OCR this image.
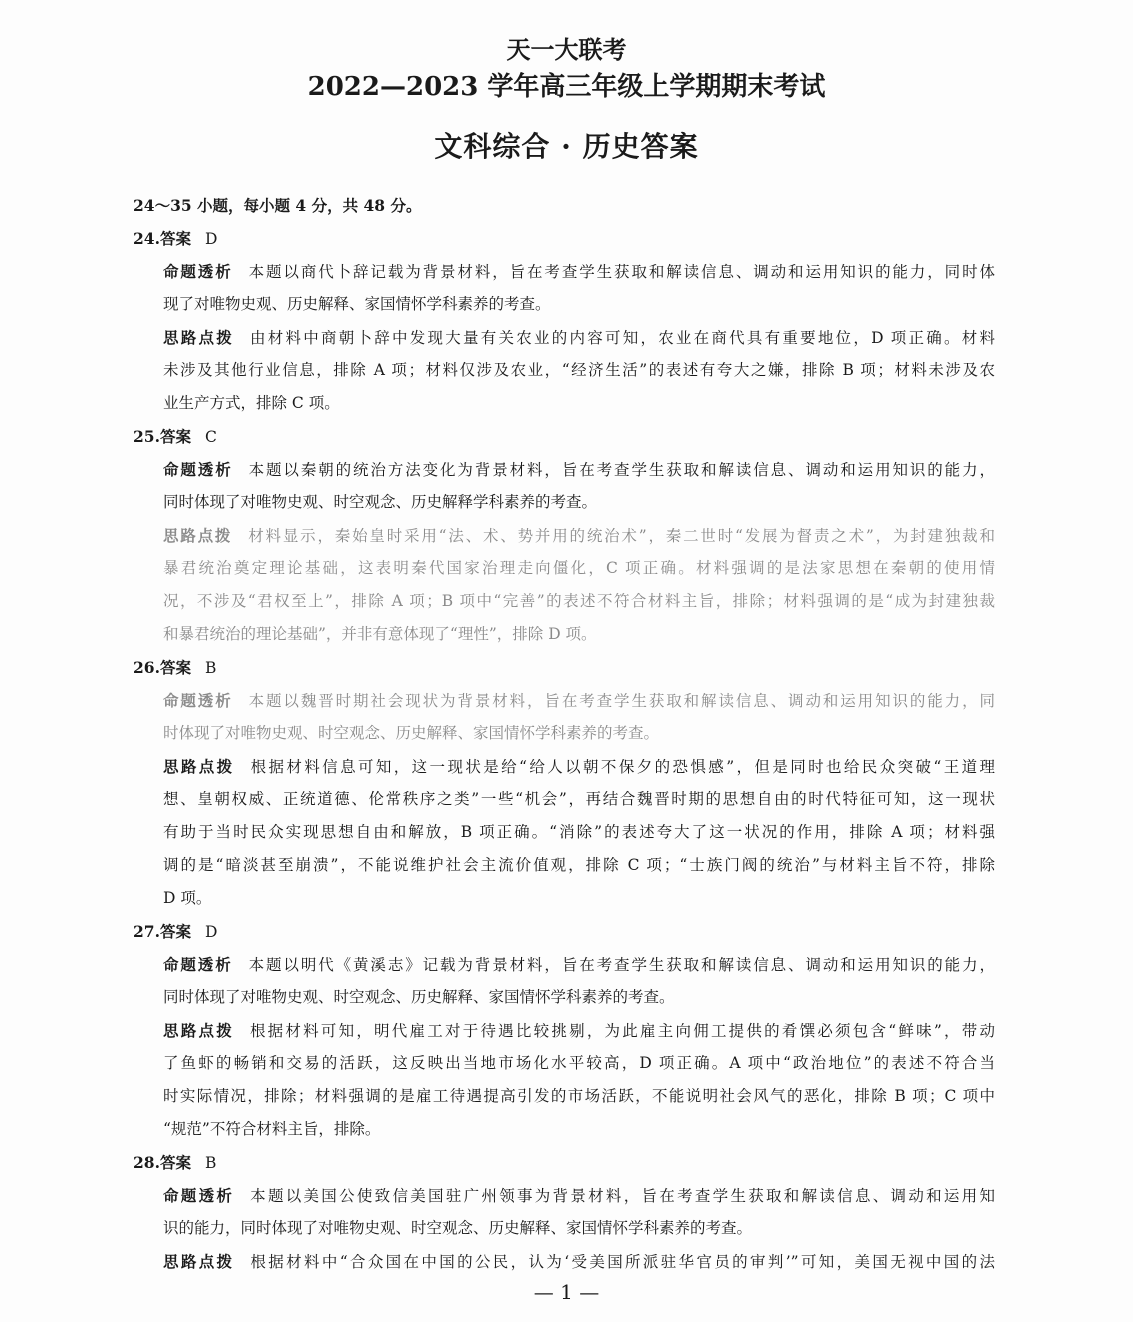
天一大联考
2022—2023 学年高三年级上学期期末考试
文科综合 · 历史答案
24～35 小题，每小题 4 分，共 48 分。
24.答案 D
命题透析 本题以商代卜辞记载为背景材料，旨在考查学生获取和解读信息、调动和运用知识的能力，同时体
现了对唯物史观、历史解释、家国情怀学科素养的考查。
思路点拨 由材料中商朝卜辞中发现大量有关农业的内容可知，农业在商代具有重要地位，D 项正确。材料
未涉及其他行业信息，排除 A 项；材料仅涉及农业，“经济生活”的表述有夸大之嫌，排除 B 项；材料未涉及农
业生产方式，排除 C 项。
25.答案 C
命题透析 本题以秦朝的统治方法变化为背景材料，旨在考查学生获取和解读信息、调动和运用知识的能力，
同时体现了对唯物史观、时空观念、历史解释学科素养的考查。
思路点拨 材料显示，秦始皇时采用“法、术、势并用的统治术”，秦二世时“发展为督责之术”，为封建独裁和
暴君统治奠定理论基础，这表明秦代国家治理走向僵化，C 项正确。材料强调的是法家思想在秦朝的使用情
况，不涉及“君权至上”，排除 A 项；B 项中“完善”的表述不符合材料主旨，排除；材料强调的是“成为封建独裁
和暴君统治的理论基础”，并非有意体现了“理性”，排除 D 项。
26.答案 B
命题透析 本题以魏晋时期社会现状为背景材料，旨在考查学生获取和解读信息、调动和运用知识的能力，同
时体现了对唯物史观、时空观念、历史解释、家国情怀学科素养的考查。
思路点拨 根据材料信息可知，这一现状是给“给人以朝不保夕的恐惧感”，但是同时也给民众突破“王道理
想、皇朝权威、正统道德、伦常秩序之类”一些“机会”，再结合魏晋时期的思想自由的时代特征可知，这一现状
有助于当时民众实现思想自由和解放，B 项正确。“消除”的表述夸大了这一状况的作用，排除 A 项；材料强
调的是“暗淡甚至崩溃”，不能说维护社会主流价值观，排除 C 项；“士族门阀的统治”与材料主旨不符，排除
D 项。
27.答案 D
命题透析 本题以明代《黄溪志》记载为背景材料，旨在考查学生获取和解读信息、调动和运用知识的能力，
同时体现了对唯物史观、时空观念、历史解释、家国情怀学科素养的考查。
思路点拨 根据材料可知，明代雇工对于待遇比较挑剔，为此雇主向佣工提供的肴馔必须包含“鲜味”，带动
了鱼虾的畅销和交易的活跃，这反映出当地市场化水平较高，D 项正确。A 项中“政治地位”的表述不符合当
时实际情况，排除；材料强调的是雇工待遇提高引发的市场活跃，不能说明社会风气的恶化，排除 B 项；C 项中
“规范”不符合材料主旨，排除。
28.答案 B
命题透析 本题以美国公使致信美国驻广州领事为背景材料，旨在考查学生获取和解读信息、调动和运用知
识的能力，同时体现了对唯物史观、时空观念、历史解释、家国情怀学科素养的考查。
思路点拨 根据材料中“合众国在中国的公民，认为‘受美国所派驻华官员的审判’”可知，美国无视中国的法
— 1 —
